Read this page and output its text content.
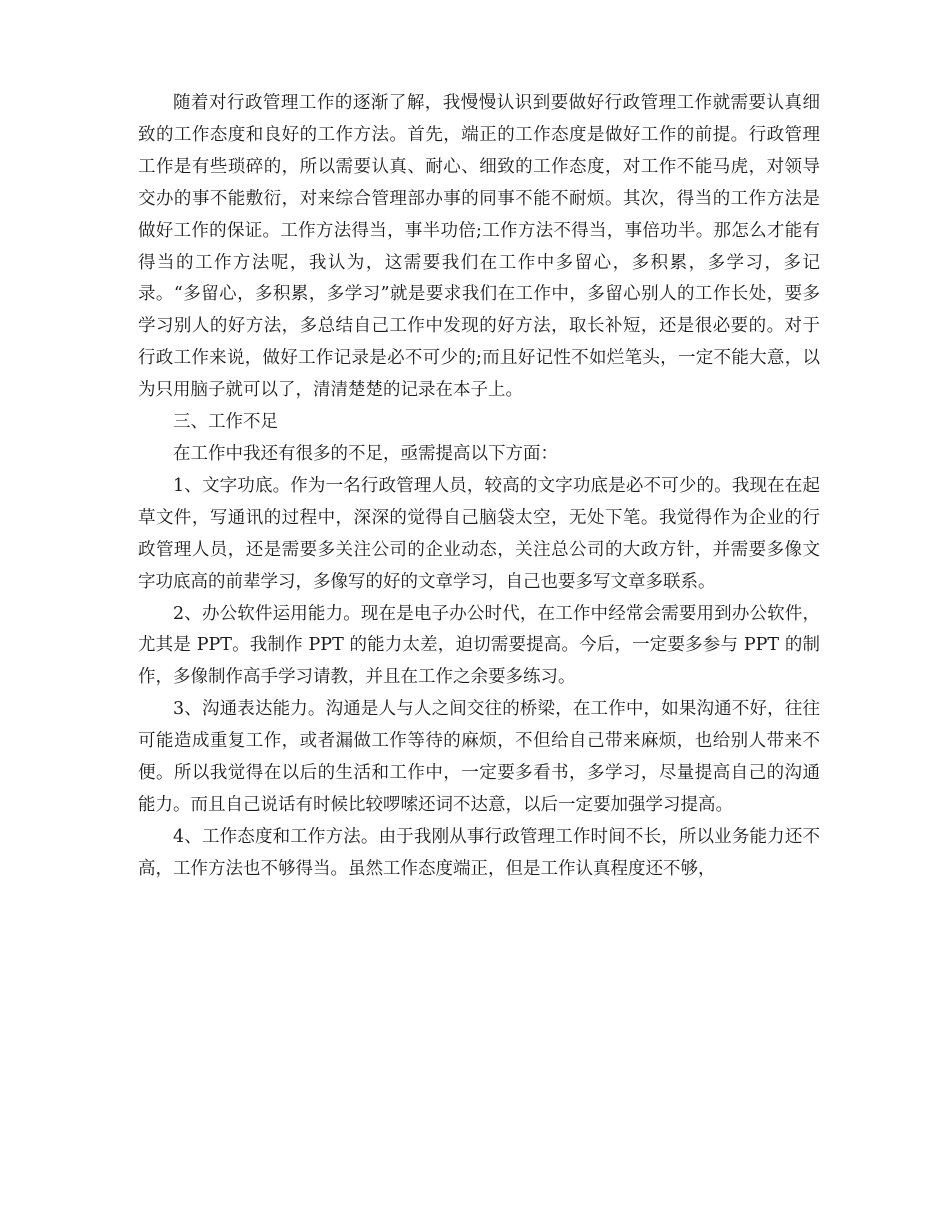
随着对行政管理工作的逐渐了解，我慢慢认识到要做好行政管理工作就需要认真细致的工作态度和良好的工作方法。首先，端正的工作态度是做好工作的前提。行政管理工作是有些琐碎的，所以需要认真、耐心、细致的工作态度，对工作不能马虎，对领导交办的事不能敷衍，对来综合管理部办事的同事不能不耐烦。其次，得当的工作方法是做好工作的保证。工作方法得当，事半功倍;工作方法不得当，事倍功半。那怎么才能有得当的工作方法呢，我认为，这需要我们在工作中多留心，多积累，多学习，多记录。“多留心，多积累，多学习”就是要求我们在工作中，多留心别人的工作长处，要多学习别人的好方法，多总结自己工作中发现的好方法，取长补短，还是很必要的。对于行政工作来说，做好工作记录是必不可少的;而且好记性不如烂笔头，一定不能大意，以为只用脑子就可以了，清清楚楚的记录在本子上。

三、工作不足

在工作中我还有很多的不足，亟需提高以下方面：

1、文字功底。作为一名行政管理人员，较高的文字功底是必不可少的。我现在在起草文件，写通讯的过程中，深深的觉得自己脑袋太空，无处下笔。我觉得作为企业的行政管理人员，还是需要多关注公司的企业动态，关注总公司的大政方针，并需要多像文字功底高的前辈学习，多像写的好的文章学习，自己也要多写文章多联系。

2、办公软件运用能力。现在是电子办公时代，在工作中经常会需要用到办公软件，尤其是 PPT。我制作 PPT 的能力太差，迫切需要提高。今后，一定要多参与 PPT 的制作，多像制作高手学习请教，并且在工作之余要多练习。

3、沟通表达能力。沟通是人与人之间交往的桥梁，在工作中，如果沟通不好，往往可能造成重复工作，或者漏做工作等待的麻烦，不但给自己带来麻烦，也给别人带来不便。所以我觉得在以后的生活和工作中，一定要多看书，多学习，尽量提高自己的沟通能力。而且自己说话有时候比较啰嗦还词不达意，以后一定要加强学习提高。

4、工作态度和工作方法。由于我刚从事行政管理工作时间不长，所以业务能力还不高，工作方法也不够得当。虽然工作态度端正，但是工作认真程度还不够，
